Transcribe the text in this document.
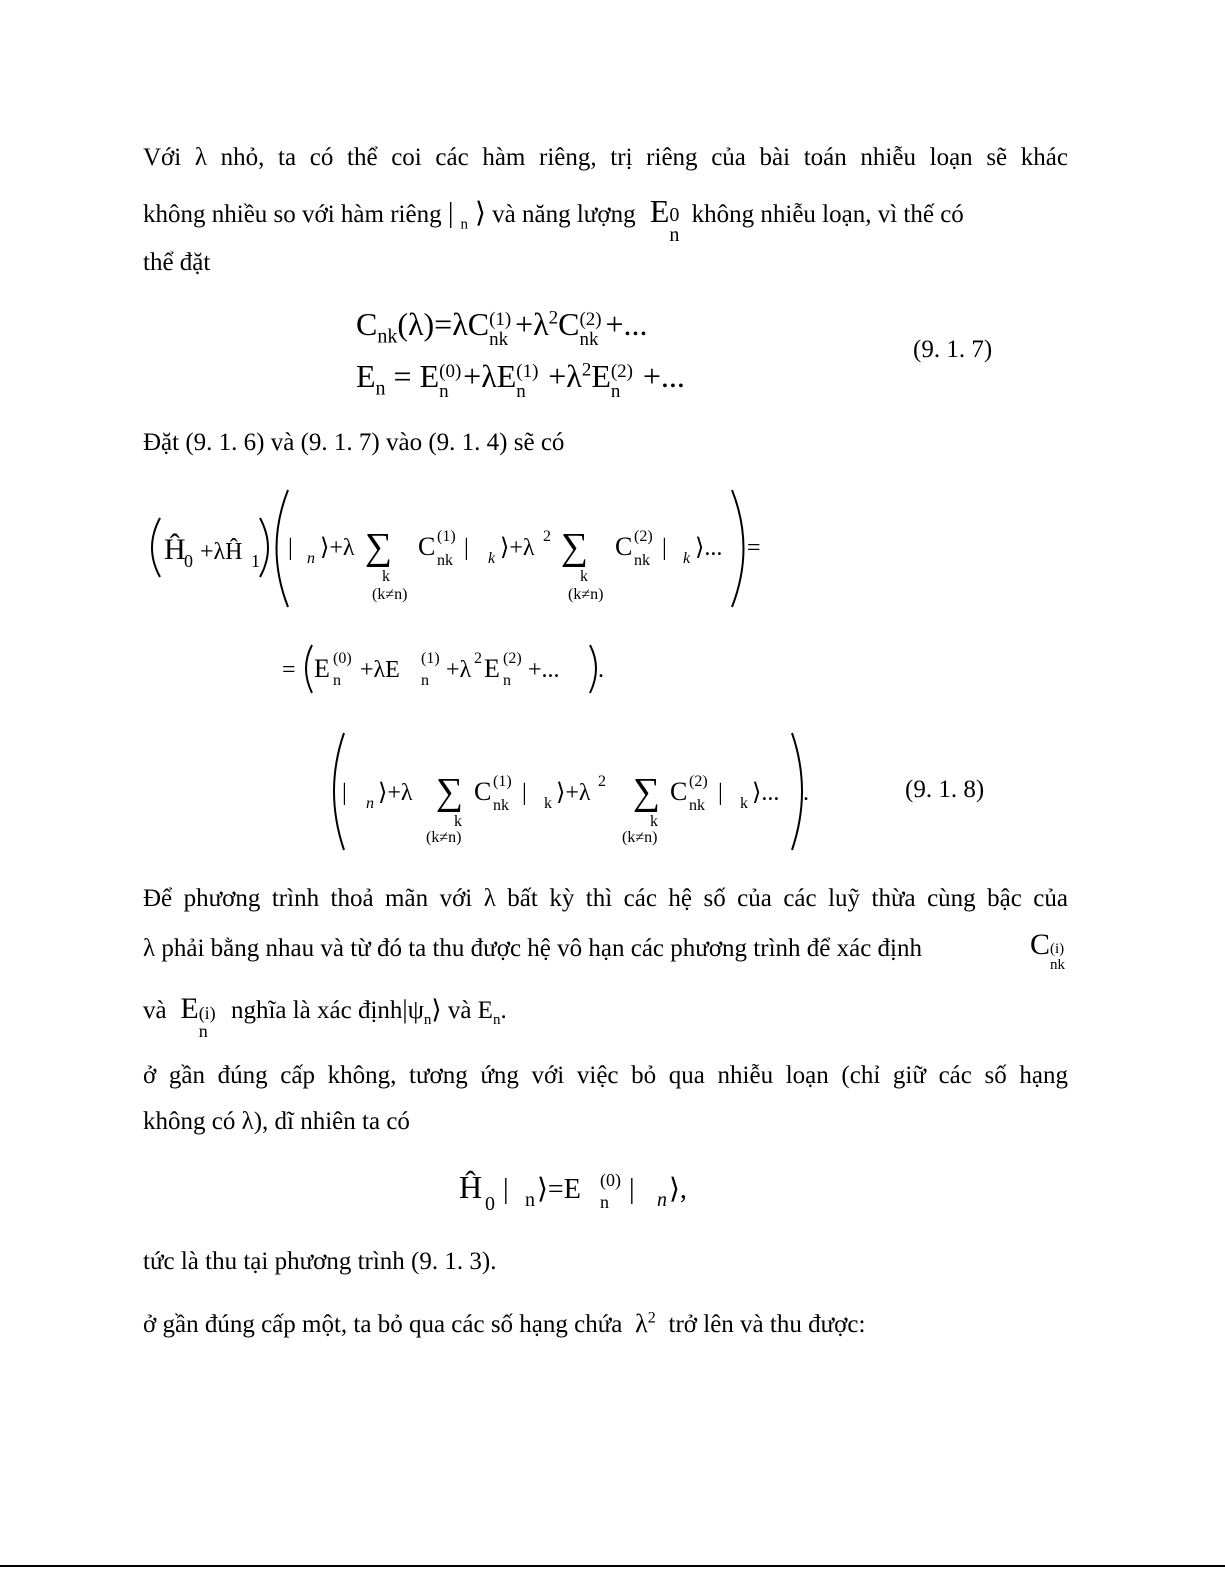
Với λ nhỏ, ta có thể coi các hàm riêng, trị riêng của bài toán nhiễu loạn sẽ khác
không nhiều so với hàm riêng | $_n$ ⟩ và năng lượng  E 0
n
không nhiễu loạn, vì thế có
thể đặt
$C_{nk}(\lambda)=\lambda C$ (1)
nk $+\lambda^2C$ (2)
nk +...
$E_n = E$ (0)
n +λE (1)
$n +\lambda^2E$ (2)
n +...
(9. 1. 7)
Đặt (9. 1. 6) và (9. 1. 7) vào (9. 1. 4) sẽ có
Ĥ
0 +λĤ 1 | n ⟩+λ ∑
k
(k≠n)
C (1)
nk | k ⟩+λ 2 ∑
k
(k≠n)
C (2)
nk | k ⟩... =
= E (0)
n +λE (1)
n +λ 2 E (2)
n +... .
| n ⟩+λ ∑
k
(k≠n)
C (1)
nk | k ⟩+λ 2 ∑
k
(k≠n)
C (2)
nk | k ⟩... .	(9. 1. 8)
Để phương trình thoả mãn với λ bất kỳ thì các hệ số của các luỹ thừa cùng bậc của
λ phải bằng nhau và từ đó ta thu được hệ vô hạn các phương trình để xác định	C (i)
nk
và  E (i)
n
nghĩa là xác $định|\psi_n⟩$ và $E_n$.
ở gần đúng cấp không, tương ứng với việc bỏ qua nhiễu loạn (chỉ giữ các số hạng
không có λ), dĩ nhiên ta có
Ĥ 0 | n ⟩=E (0)
n | n ⟩,
tức là thu tại phương trình (9. 1. 3).
ở gần đúng cấp một, ta bỏ qua các số hạng chứa  $\lambda^2$ trở lên và thu được:
